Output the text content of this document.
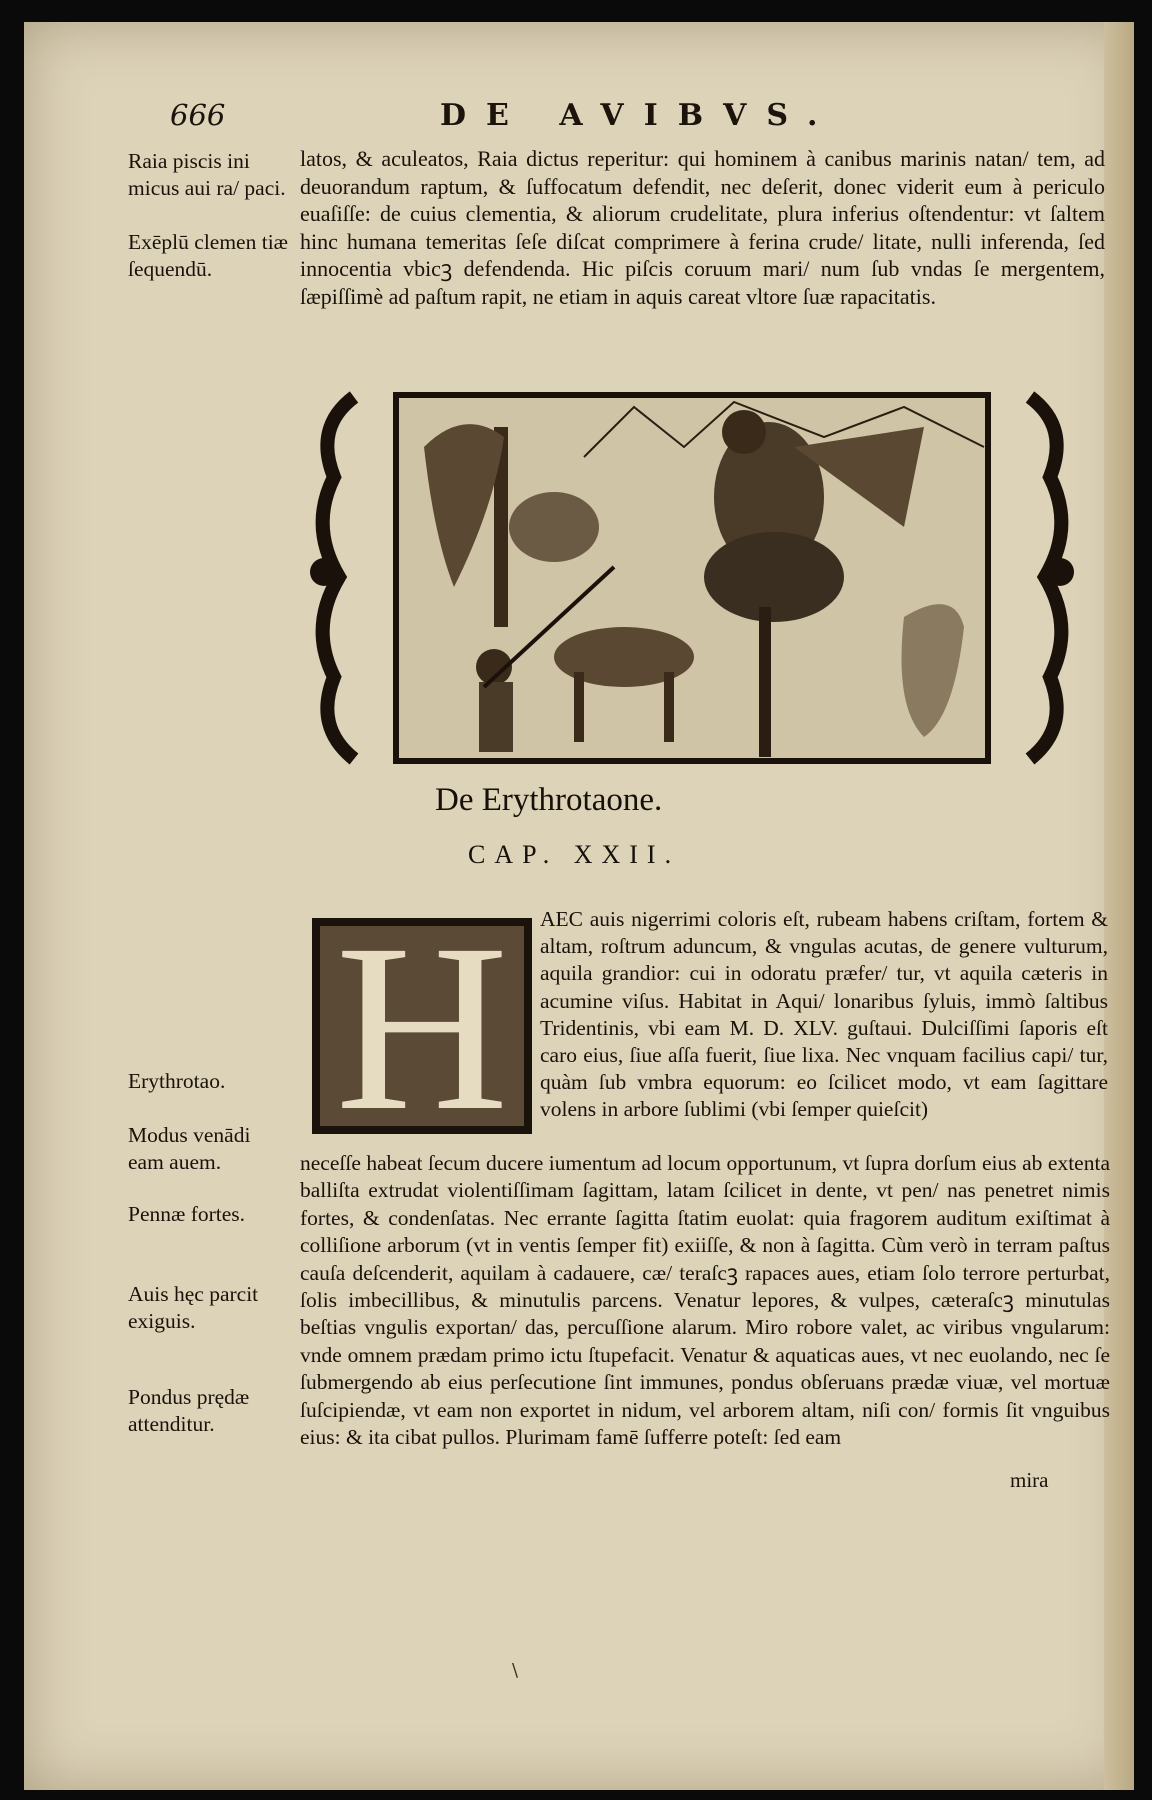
666	DE AVIBVS.
Raia piscis ini micus aui ra/ paci.
Exēplū clemen tiæ ſequendū.
latos, & aculeatos, Raia dictus reperitur: qui hominem à canibus marinis natan/ tem, ad deuorandum raptum, & ſuffocatum defendit, nec deſerit, donec viderit eum à periculo euaſiſſe: de cuius clementia, & aliorum crudelitate, plura inferius oſtendentur: vt ſaltem hinc humana temeritas ſeſe diſcat comprimere à ferina crude/ litate, nulli inferenda, ſed innocentia vbicꝫ defendenda. Hic piſcis coruum mari/ num ſub vndas ſe mergentem, ſæpiſſimè ad paſtum rapit, ne etiam in aquis careat vltore ſuæ rapacitatis.
De Erythrotaone.
CAP. XXII.
H	AEC auis nigerrimi coloris eſt, rubeam habens criſtam, fortem & altam, roſtrum aduncum, & vngulas acutas, de genere vulturum, aquila grandior: cui in odoratu præfer/ tur, vt aquila cæteris in acumine viſus. Habitat in Aqui/ lonaribus ſyluis, immò ſaltibus Tridentinis, vbi eam M. D. XLV. guſtaui. Dulciſſimi ſaporis eſt caro eius, ſiue aſſa fuerit, ſiue lixa. Nec vnquam facilius capi/ tur, quàm ſub vmbra equorum: eo ſcilicet modo, vt eam ſagittare volens in arbore ſublimi (vbi ſemper quieſcit)
Erythrotao.
Modus venādi eam auem.
Pennæ fortes.
Auis hęc parcit exiguis.
Pondus prędæ attenditur.
neceſſe habeat ſecum ducere iumentum ad locum opportunum, vt ſupra dorſum eius ab extenta balliſta extrudat violentiſſimam ſagittam, latam ſcilicet in dente, vt pen/ nas penetret nimis fortes, & condenſatas. Nec errante ſagitta ſtatim euolat: quia fragorem auditum exiſtimat à colliſione arborum (vt in ventis ſemper fit) exiiſſe, & non à ſagitta. Cùm verò in terram paſtus cauſa deſcenderit, aquilam à cadauere, cæ/ teraſcꝫ rapaces aues, etiam ſolo terrore perturbat, ſolis imbecillibus, & minutulis parcens. Venatur lepores, & vulpes, cæteraſcꝫ minutulas beſtias vngulis exportan/ das, percuſſione alarum. Miro robore valet, ac viribus vngularum: vnde omnem prædam primo ictu ſtupefacit. Venatur & aquaticas aues, vt nec euolando, nec ſe ſubmergendo ab eius perſecutione ſint immunes, pondus obſeruans prædæ viuæ, vel mortuæ ſuſcipiendæ, vt eam non exportet in nidum, vel arborem altam, niſi con/ formis ſit vnguibus eius: & ita cibat pullos. Plurimam famē ſufferre poteſt: ſed eam
mira
\
